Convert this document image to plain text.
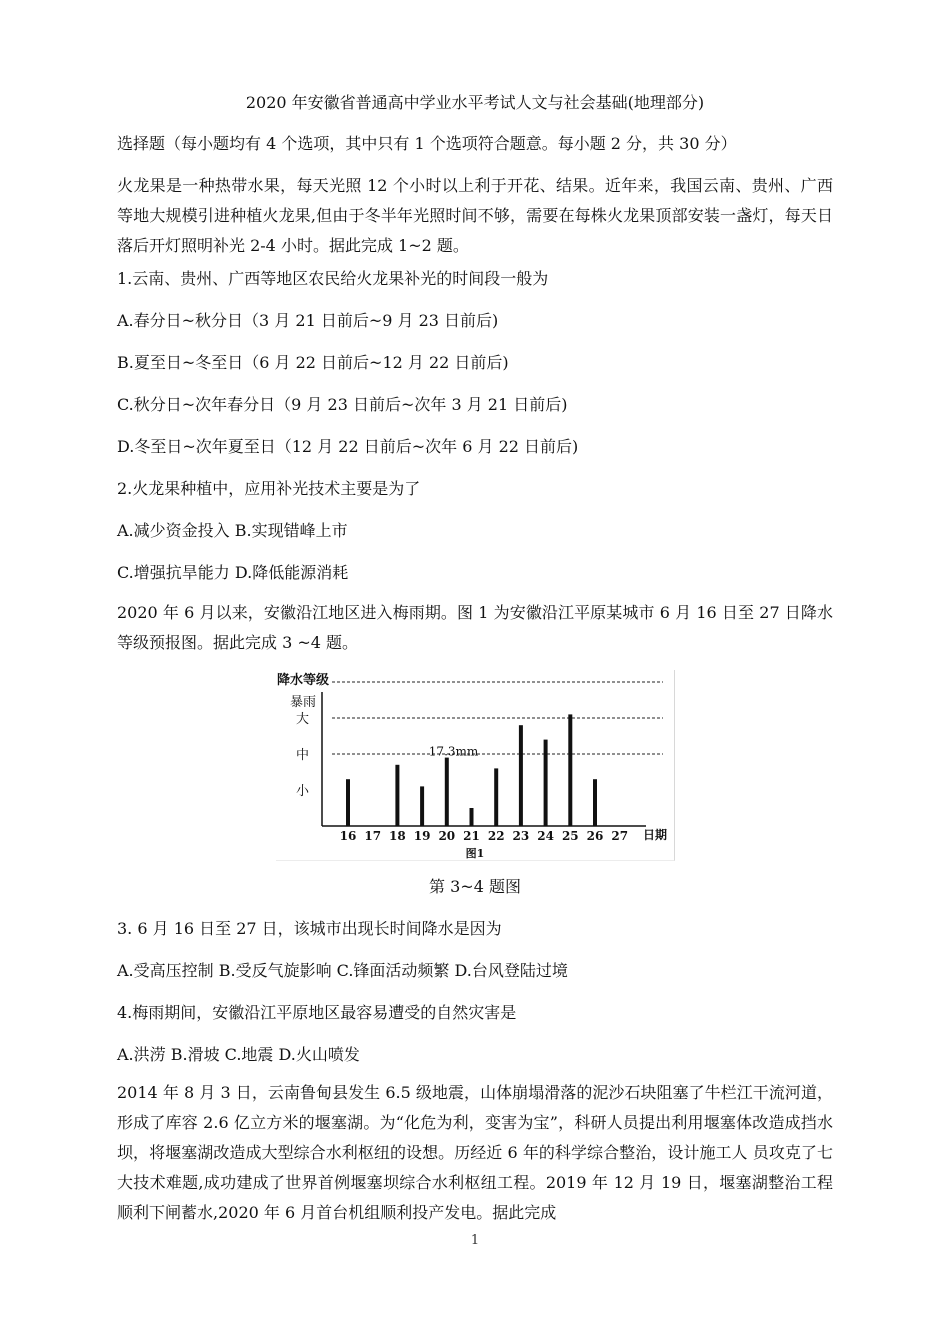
2020 年安徽省普通高中学业水平考试人文与社会基础(地理部分)
选择题（每小题均有 4 个选项，其中只有 1 个选项符合题意。每小题 2 分，共 30 分）
火龙果是一种热带水果，每天光照 12 个小时以上利于开花、结果。近年来，我国云南、贵州、广西等地大规模引进种植火龙果,但由于冬半年光照时间不够，需要在每株火龙果顶部安装一盏灯，每天日落后开灯照明补光 2-4 小时。据此完成 1~2 题。
1.云南、贵州、广西等地区农民给火龙果补光的时间段一般为
A.春分日~秋分日（3 月 21 日前后~9 月 23 日前后)
B.夏至日~冬至日（6 月 22 日前后~12 月 22 日前后)
C.秋分日~次年春分日（9 月 23 日前后~次年 3 月 21 日前后)
D.冬至日~次年夏至日（12 月 22 日前后~次年 6 月 22 日前后)
2.火龙果种植中，应用补光技术主要是为了
A.减少资金投入 B.实现错峰上市
C.增强抗旱能力 D.降低能源消耗
2020 年 6 月以来，安徽沿江地区进入梅雨期。图 1 为安徽沿江平原某城市 6 月 16 日至 27 日降水等级预报图。据此完成 3 ~4 题。
降水等级
小
中
大
暴雨
16 17 18 19 20 21 22 23 24 25 26 27 日期
17.3mm
图1
第 3~4 题图
3. 6 月 16 日至 27 日，该城市出现长时间降水是因为
A.受高压控制 B.受反气旋影响 C.锋面活动频繁 D.台风登陆过境
4.梅雨期间，安徽沿江平原地区最容易遭受的自然灾害是
A.洪涝 B.滑坡 C.地震 D.火山喷发
2014 年 8 月 3 日，云南鲁甸县发生 6.5 级地震，山体崩塌滑落的泥沙石块阻塞了牛栏江干流河道，形成了库容 2.6 亿立方米的堰塞湖。为“化危为利，变害为宝”，科研人员提出利用堰塞体改造成挡水坝，将堰塞湖改造成大型综合水利枢纽的设想。历经近 6 年的科学综合整治，设计施工人 员攻克了七大技术难题,成功建成了世界首例堰塞坝综合水利枢纽工程。2019 年 12 月 19 日，堰塞湖整治工程顺利下闸蓄水,2020 年 6 月首台机组顺利投产发电。据此完成
1
